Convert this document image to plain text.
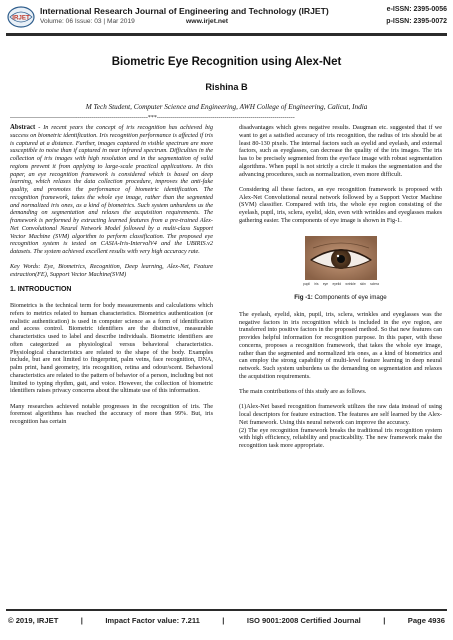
IRJET
International Research Journal of Engineering and Technology (IRJET)
Volume: 06 Issue: 03 | Mar 2019	www.irjet.net
e-ISSN: 2395-0056
p-ISSN: 2395-0072
Biometric Eye Recognition using Alex-Net
Rishina B
M Tech Student, Computer Science and Engineering, AWH College of Engineering, Calicut, India
---------------------------------------------------------------------***---------------------------------------------------------------------

Abstract - In recent years the concept of iris recognition has achieved big success on biometric identification. Iris recognition performance is affected if iris is captured at a distance. Further, images captured in visible spectrum are more susceptible to noise than if captured in near infrared spectrum. Difficulties in the collection of iris images with high resolution and in the segmentation of valid regions prevent it from applying to large-scale practical applications. In this paper, an eye recognition framework is considered which is based on deep learning, which relaxes the data collection procedure, improves the anti-fake quality, and promotes the performance of biometric identification. The recognition framework, takes the whole eye image, rather than the segmented and normalized iris ones, as a kind of biometrics. Such system unburdens us the demanding on segmentation and relaxes the acquisition requirements. The framework is performed by extracting learned features from a pre-trained Alex-Net Convolutional Neural Network Model followed by a multi-class Support Vector Machine (SVM) algorithm to perform classification. The proposed eye recognition system is tested on CASIA-Iris-IntervalV4 and the UBIRIS.v2 datasets. The system achieved excellent results with very high accuracy rate.

Key Words: Eye, Biometrics, Recognition, Deep learning, Alex-Net, Feature extraction(FE), Support Vector Machine(SVM)

1. INTRODUCTION

Biometrics is the technical term for body measurements and calculations which refers to metrics related to human characteristics. Biometrics authentication (or realistic authentication) is used in computer science as a form of identification and access control. Biometric identifiers are the distinctive, measurable characteristics used to label and describe individuals. Biometric identifiers are often categorized as physiological versus behavioral characteristics. Physiological characteristics are related to the shape of the body. Examples include, but are not limited to fingerprint, palm veins, face recognition, DNA, palm print, hand geometry, iris recognition, retina and odour/scent. Behavioral characteristics are related to the pattern of behavior of a person, including but not limited to typing rhythm, gait, and voice. However, the collection of biometric identifiers raises privacy concerns about the ultimate use of this information.

Many researches achieved notable progresses in the recognition of iris. The foremost algorithms has reached the accuracy of more than 99%. But, iris recognition has certain

disadvantages which gives negative results. Daugman etc. suggested that if we want to get a satisfied accuracy of iris recognition, the radius of iris should be at least 80-130 pixels. The internal factors such as eyelid and eyelash, and external factors, such as eyeglasses, can decrease the quality of the iris images. The iris has to be precisely segmented from the eye/face image with robust segmentation algorithms. When pupil is not strictly a circle it makes the segmentation and the advancing procedures, such as normalization, even more difficult.

Considering all these factors, an eye recognition framework is proposed with Alex-Net Convolutional neural network followed by a Support Vector Machine (SVM) classifier. Compared with iris, the whole eye region consisting of the eyelash, pupil, iris, sclera, eyelid, skin, even with wrinkles and eyeglasses makes gathering easier. The components of eye image is shown in Fig-1.

pupil iris eye eyelid wrinkle skin sclera
Fig -1: Components of eye image

The eyelash, eyelid, skin, pupil, iris, sclera, wrinkles and eyeglasses was the negative factors in iris recognition which is included in the eye region, are transferred into positive factors in the proposed method. So that new features can provides helpful information for recognition purpose. In this paper, with these concerns, proposes a recognition framework, that takes the whole eye image, rather than the segmented and normalized iris ones, as a kind of biometrics and can employ the strong capability of multi-level feature learning in deep neural network. Such system unburdens us the demanding on segmentation and relaxes the acquisition requirements.

The main contributions of this study are as follows.

(1)Alex-Net based recognition framework utilizes the raw data instead of using local descriptors for feature extraction. The features are self learned by the Alex-Net framework. Using this neural network can improve the accuracy.

(2) The eye recognition framework breaks the traditional iris recognition system with high efficiency, reliability and practicability. The new framework make the recognition task more appropriate.

© 2019, IRJET	|	Impact Factor value: 7.211	|	ISO 9001:2008 Certified Journal	|	Page 4936
